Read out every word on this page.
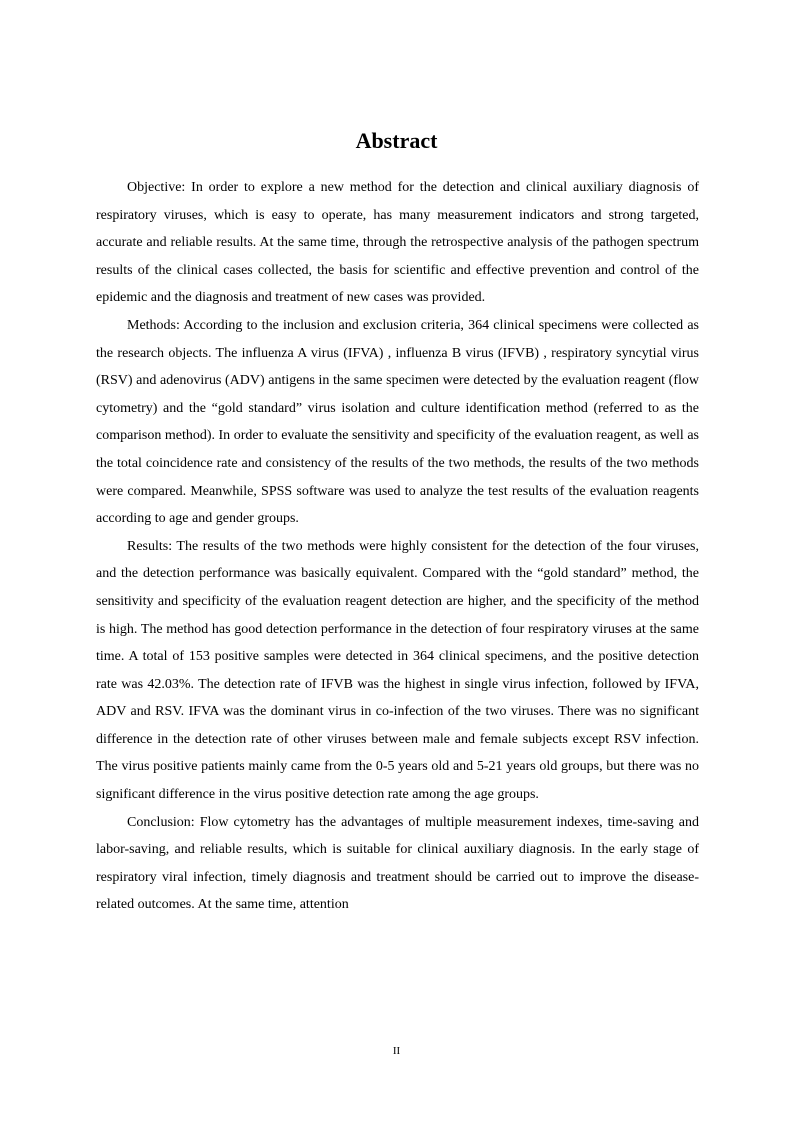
Abstract

Objective: In order to explore a new method for the detection and clinical auxiliary diagnosis of respiratory viruses, which is easy to operate, has many measurement indicators and strong targeted, accurate and reliable results. At the same time, through the retrospective analysis of the pathogen spectrum results of the clinical cases collected, the basis for scientific and effective prevention and control of the epidemic and the diagnosis and treatment of new cases was provided.

Methods: According to the inclusion and exclusion criteria, 364 clinical specimens were collected as the research objects. The influenza A virus (IFVA) , influenza B virus (IFVB) , respiratory syncytial virus (RSV) and adenovirus (ADV) antigens in the same specimen were detected by the evaluation reagent (flow cytometry) and the “gold standard” virus isolation and culture identification method (referred to as the comparison method). In order to evaluate the sensitivity and specificity of the evaluation reagent, as well as the total coincidence rate and consistency of the results of the two methods, the results of the two methods were compared. Meanwhile, SPSS software was used to analyze the test results of the evaluation reagents according to age and gender groups.

Results: The results of the two methods were highly consistent for the detection of the four viruses, and the detection performance was basically equivalent. Compared with the “gold standard” method, the sensitivity and specificity of the evaluation reagent detection are higher, and the specificity of the method is high. The method has good detection performance in the detection of four respiratory viruses at the same time. A total of 153 positive samples were detected in 364 clinical specimens, and the positive detection rate was 42.03%. The detection rate of IFVB was the highest in single virus infection, followed by IFVA, ADV and RSV. IFVA was the dominant virus in co-infection of the two viruses. There was no significant difference in the detection rate of other viruses between male and female subjects except RSV infection. The virus positive patients mainly came from the 0-5 years old and 5-21 years old groups, but there was no significant difference in the virus positive detection rate among the age groups.

Conclusion: Flow cytometry has the advantages of multiple measurement indexes, time-saving and labor-saving, and reliable results, which is suitable for clinical auxiliary diagnosis. In the early stage of respiratory viral infection, timely diagnosis and treatment should be carried out to improve the disease-related outcomes. At the same time, attention

II
